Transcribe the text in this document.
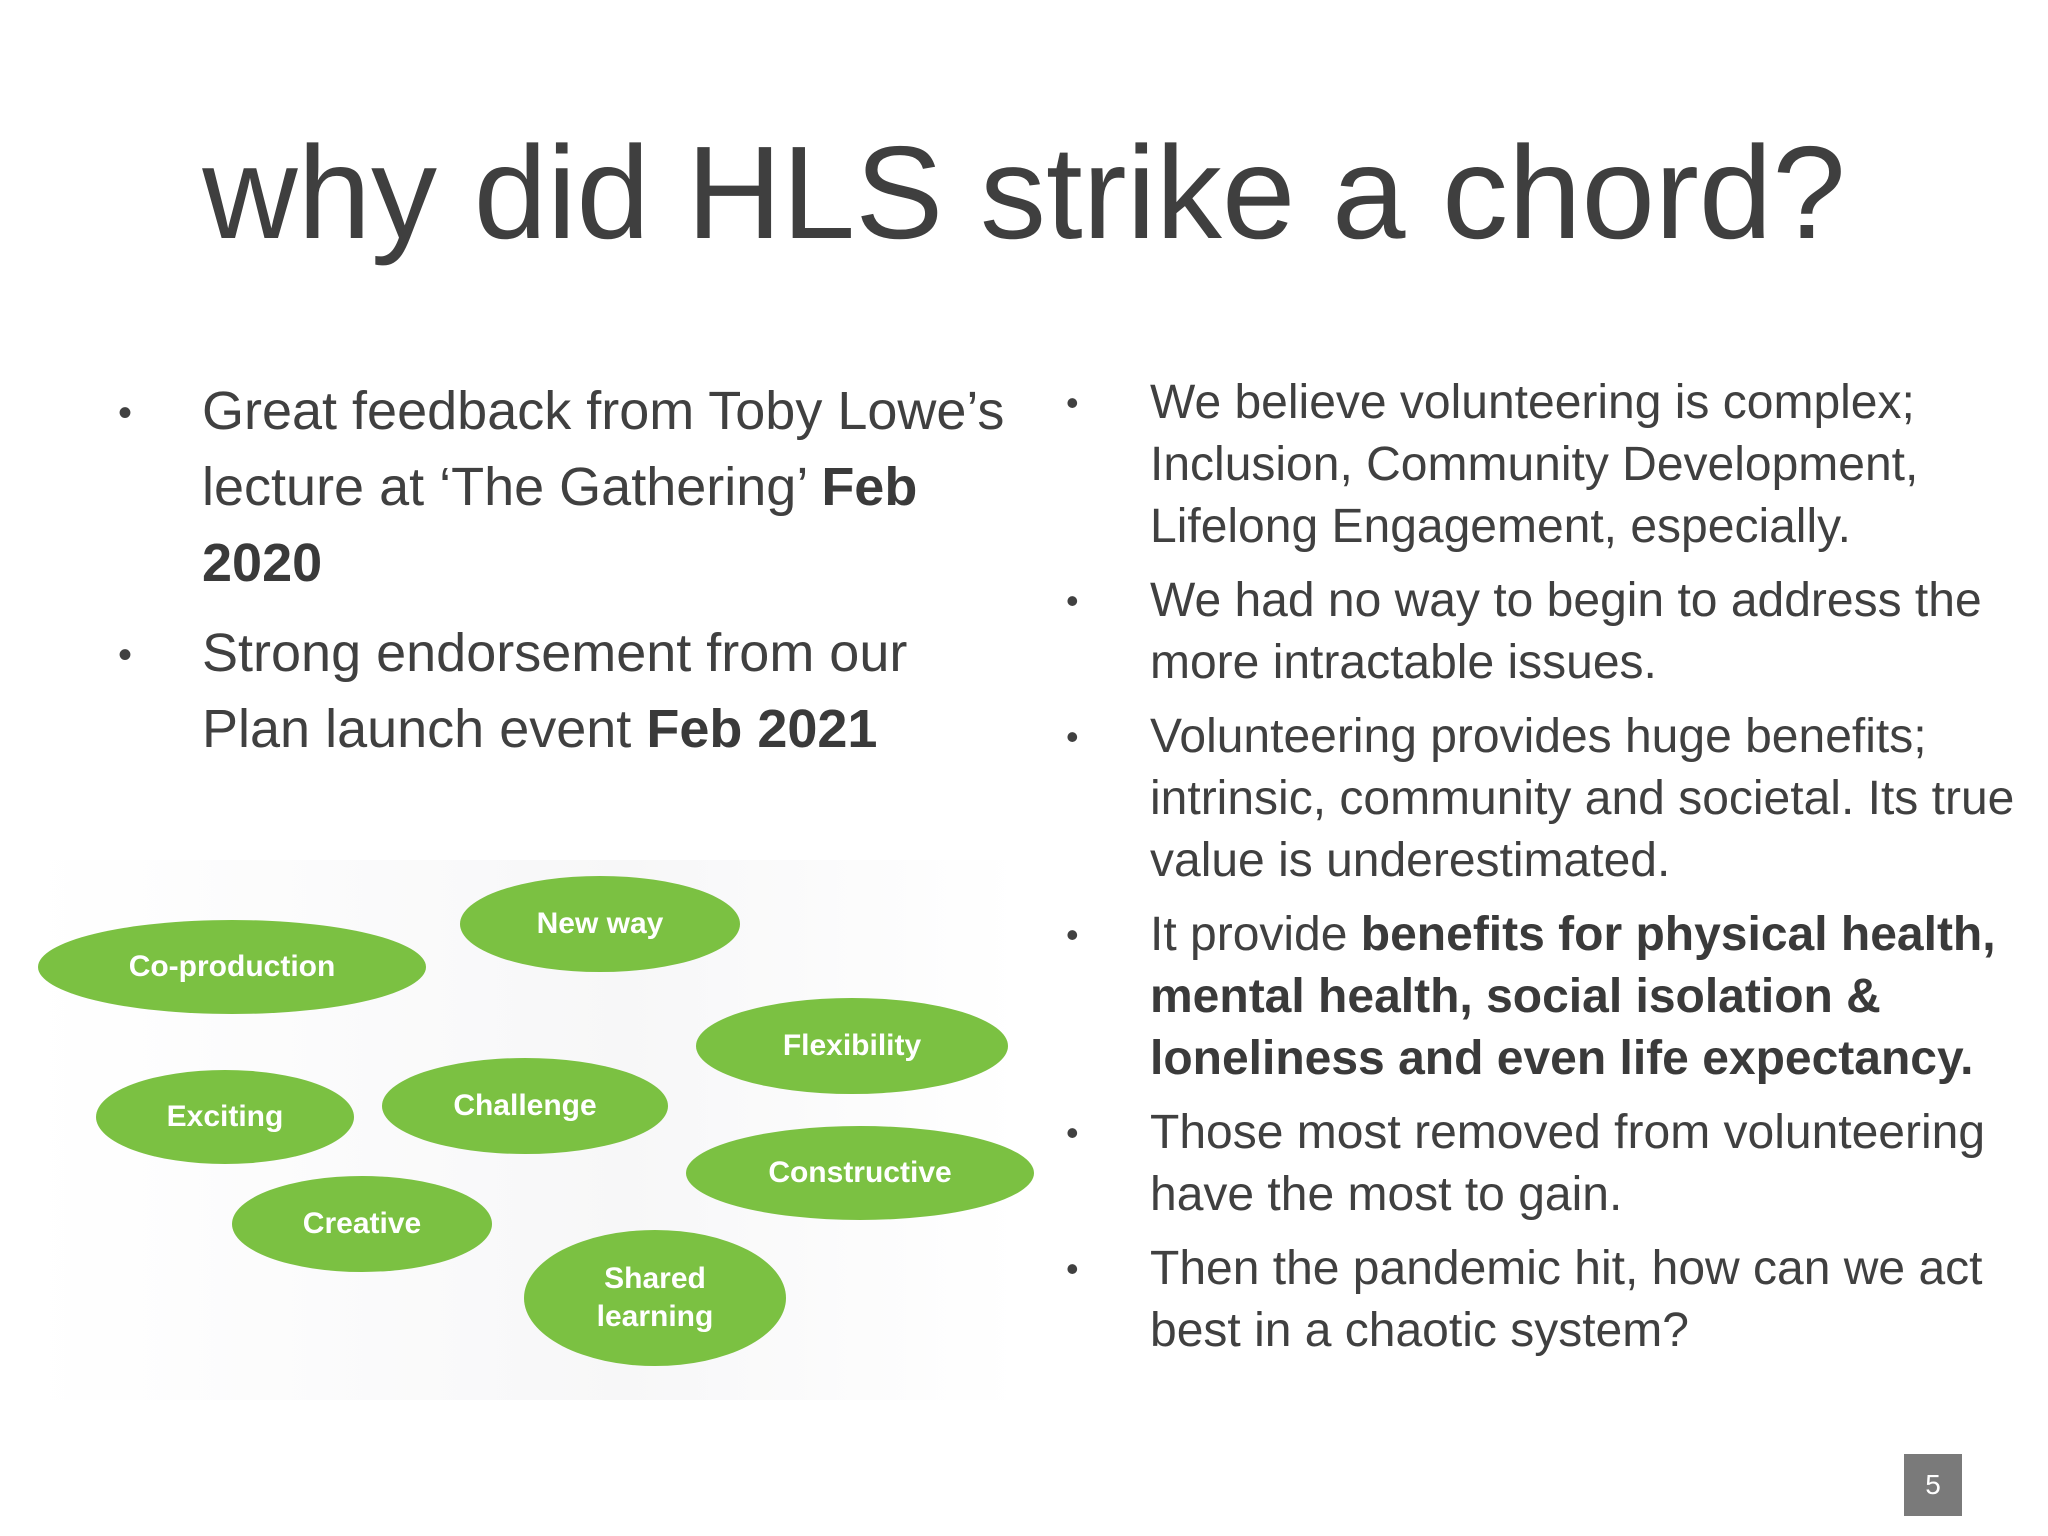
why did HLS strike a chord?
• Great feedback from Toby Lowe’s lecture at ‘The Gathering’ Feb 2020
• Strong endorsement from our Plan launch event Feb 2021
• We believe volunteering is complex; Inclusion, Community Development, Lifelong Engagement, especially.
• We had no way to begin to address the more intractable issues.
• Volunteering provides huge benefits; intrinsic, community and societal. Its true value is underestimated.
• It provide benefits for physical health, mental health, social isolation & loneliness and even life expectancy.
• Those most removed from volunteering have the most to gain.
• Then the pandemic hit, how can we act best in a chaotic system?
Co-production
New way
Flexibility
Exciting	Challenge
Constructive
Creative
Shared learning
5
